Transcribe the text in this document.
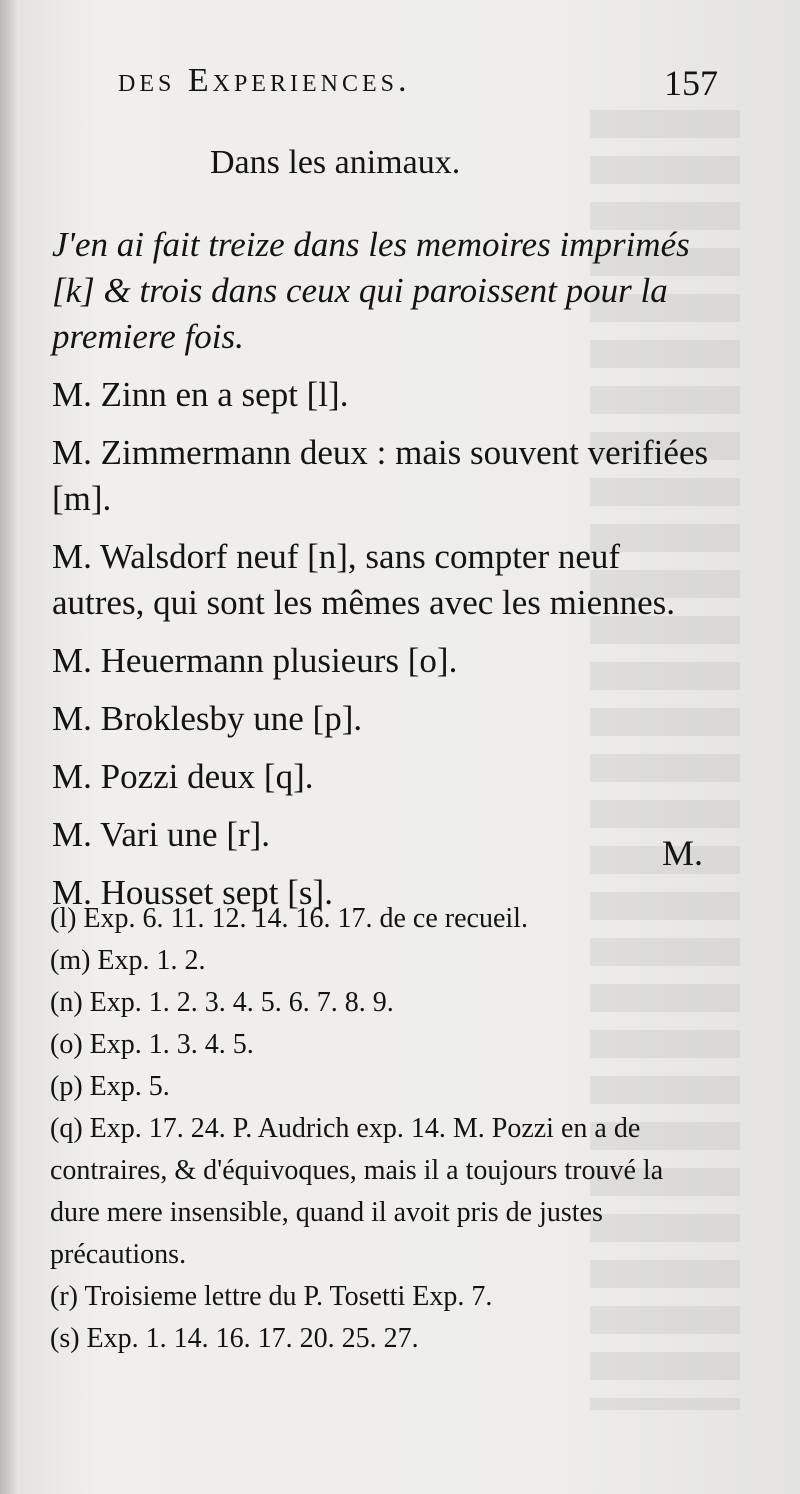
des Experiences.	157
Dans les animaux.
J'en ai fait treize dans les memoires imprimés [k] & trois dans ceux qui paroissent pour la premiere fois.
M. Zinn en a sept [l].
M. Zimmermann deux : mais souvent verifiées [m].
M. Walsdorf neuf [n], sans compter neuf autres, qui sont les mêmes avec les miennes.
M. Heuermann plusieurs [o].
M. Broklesby une [p].
M. Pozzi deux [q].
M. Vari une [r].
M. Housset sept [s].
M.
(l) Exp. 6. 11. 12. 14. 16. 17. de ce recueil.
(m) Exp. 1. 2.
(n) Exp. 1. 2. 3. 4. 5. 6. 7. 8. 9.
(o) Exp. 1. 3. 4. 5.
(p) Exp. 5.
(q) Exp. 17. 24. P. Audrich exp. 14. M. Pozzi en a de contraires, & d'équivoques, mais il a toujours trouvé la dure mere insensible, quand il avoit pris de justes précautions.
(r) Troisieme lettre du P. Tosetti Exp. 7.
(s) Exp. 1. 14. 16. 17. 20. 25. 27.
